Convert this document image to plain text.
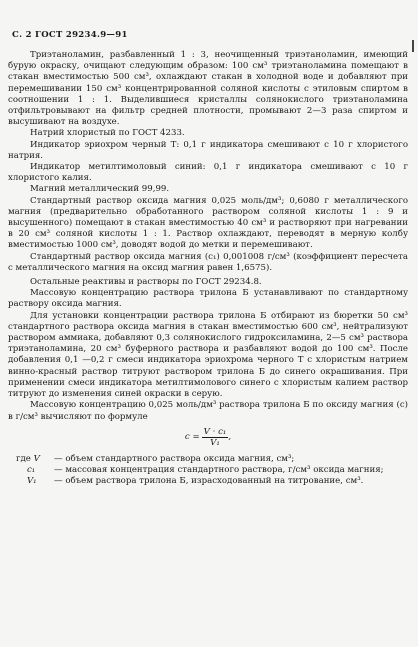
С. 2 ГОСТ 29234.9—91

Триэтаноламин, разбавленный 1 : 3, неочищенный триэтаноламин, имеющий бурую окраску, очищают следующим образом: 100 см³ триэтаноламина помещают в стакан вместимостью 500 см³, охлаждают стакан в холодной воде и добавляют при перемешивании 150 см³ концентрированной соляной кислоты с этиловым спиртом в соотношении 1 : 1. Выделившиеся кристаллы солянокислого триэтаноламина отфильтровывают на фильтр средней плотности, промывают 2—3 раза спиртом и высушивают на воздухе.

Натрий хлористый по ГОСТ 4233.

Индикатор эриохром черный Т: 0,1 г индикатора смешивают с 10 г хлористого натрия.

Индикатор метилтимоловый синий: 0,1 г индикатора смешивают с 10 г хлористого калия.

Магний металлический 99,99.

Стандартный раствор оксида магния 0,025 моль/дм³; 0,6080 г металлического магния (предварительно обработанного раствором соляной кислоты 1 : 9 и высушенного) помещают в стакан вместимостью 40 см³ и растворяют при нагревании в 20 см³ соляной кислоты 1 : 1. Раствор охлаждают, переводят в мерную колбу вместимостью 1000 см³, доводят водой до метки и перемешивают.

Стандартный раствор оксида магния (c₁) 0,001008 г/см³ (коэффициент пересчета с металлического магния на оксид магния равен 1,6575).

Остальные реактивы и растворы по ГОСТ 29234.8.

Массовую концентрацию раствора трилона Б устанавливают по стандартному раствору оксида магния.

Для установки концентрации раствора трилона Б отбирают из бюретки 50 см³ стандартного раствора оксида магния в стакан вместимостью 600 см³, нейтрализуют раствором аммиака, добавляют 0,3 солянокислого гидроксиламина, 2—5 см³ раствора триэтаноламина, 20 см³ буферного раствора и разбавляют водой до 100 см³. После добавления 0,1 —0,2 г смеси индикатора эриохрома черного Т с хлористым натрием винно-красный раствор титруют раствором трилона Б до синего окрашивания. При применении смеси индикатора метилтимолового синего с хлористым калием раствор титруют до изменения синей окраски в серую.

Массовую концентрацию 0,025 моль/дм³ раствора трилона Б по оксиду магния (c) в г/см³ вычисляют по формуле

$c = \frac{\text{V · c₁}}{\text{V₁}}$ ,
где V	— объем стандартного раствора оксида магния, см³;
c₁	— массовая концентрация стандартного раствора, г/см³ оксида магния;
V₁	— объем раствора трилона Б, израсходованный на титрование, см³.
